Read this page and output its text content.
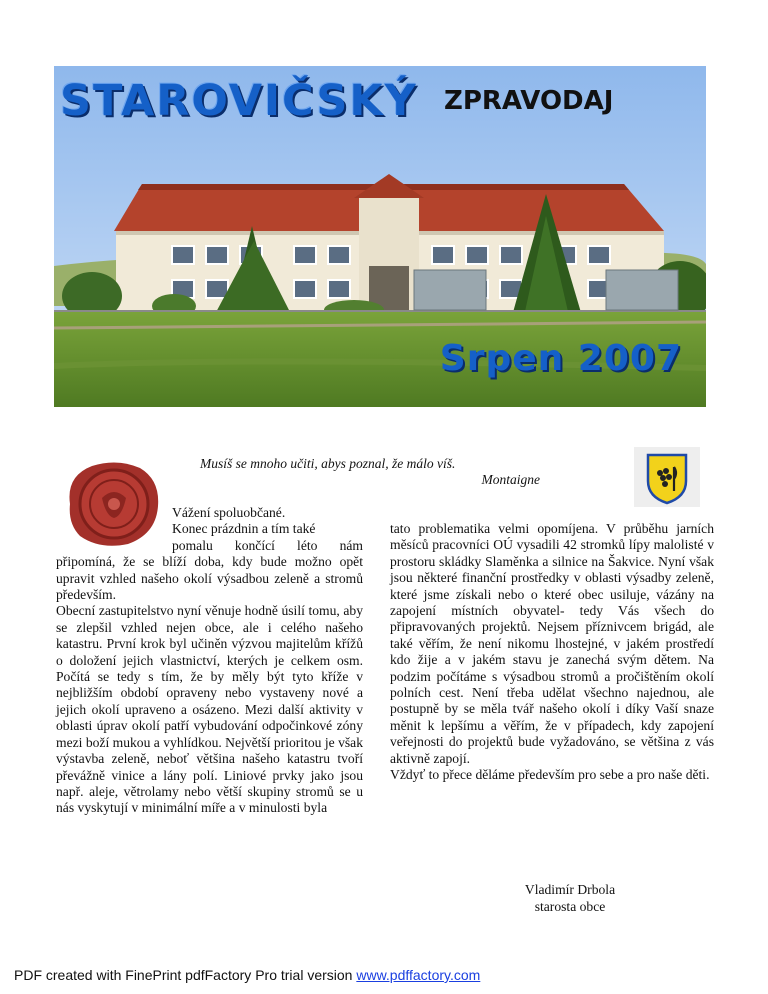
STAROVIČSKÝ ZPRAVODAJ
Srpen 2007
Musíš se mnoho učiti, abys poznal, že málo víš.
Montaigne

Vážení spoluobčané.

Konec prázdnin a tím také

pomalu končící léto nám připomíná, že se blíží doba, kdy bude možno opět upravit vzhled našeho okolí výsadbou zeleně a stromů především.

Obecní zastupitelstvo nyní věnuje hodně úsilí tomu, aby se zlepšil vzhled nejen obce, ale i celého našeho katastru. První krok byl učiněn výzvou majitelům křížů o doložení jejich vlastnictví, kterých je celkem osm. Počítá se tedy s tím, že by měly být tyto kříže v nejbližším období opraveny nebo vystaveny nové a jejich okolí upraveno a osázeno. Mezi další aktivity v oblasti úprav okolí patří vybudování odpočinkové zóny mezi boží mukou a vyhlídkou. Největší prioritou je však výstavba zeleně, neboť většina našeho katastru tvoří převážně vinice a lány polí. Liniové prvky jako jsou např. aleje, větrolamy nebo větší skupiny stromů se u nás vyskytují v minimální míře a v minulosti byla

tato problematika velmi opomíjena. V průběhu jarních měsíců pracovníci OÚ vysadili 42 stromků lípy malolisté v prostoru skládky Slaměnka a silnice na Šakvice. Nyní však jsou některé finanční prostředky v oblasti výsadby zeleně, které jsme získali nebo o které obec usiluje, vázány na zapojení místních obyvatel- tedy Vás všech do připravovaných projektů. Nejsem příznivcem brigád, ale také věřím, že není nikomu lhostejné, v jakém prostředí kdo žije a v jakém stavu je zanechá svým dětem. Na podzim počítáme s výsadbou stromů a pročištěním okolí polních cest. Není třeba udělat všechno najednou, ale postupně by se měla tvář našeho okolí i díky Vaší snaze měnit k lepšímu a věřím, že v případech, kdy zapojení veřejnosti do projektů bude vyžadováno, se většina z vás aktivně zapojí.

Vždyť to přece děláme především pro sebe a pro naše děti.

Vladimír Drbola
starosta obce
PDF created with FinePrint pdfFactory Pro trial version www.pdffactory.com
